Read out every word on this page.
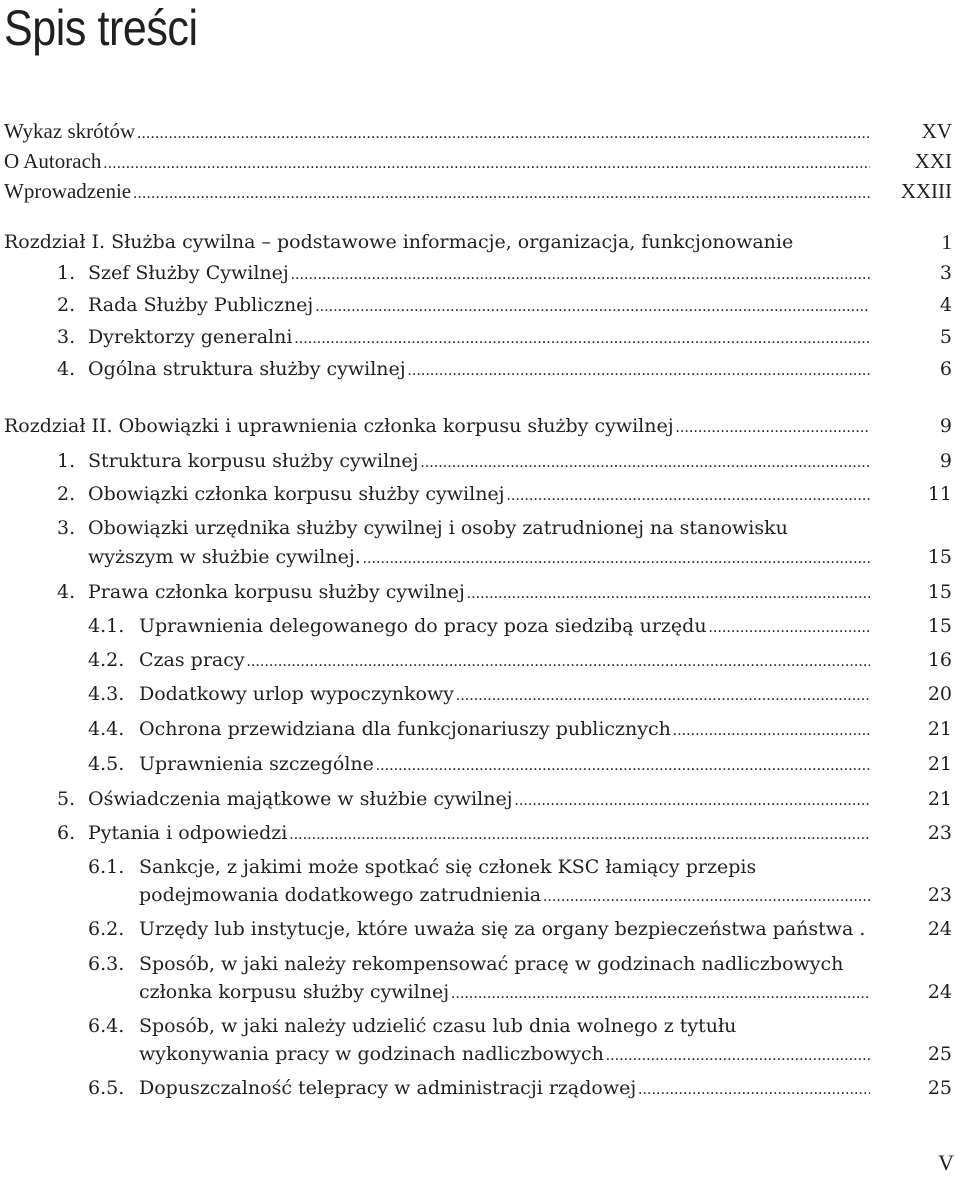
Spis treści
Wykaz skrótów .....	XV
O Autorach .....	XXI
Wprowadzenie .....	XXIII
Rozdział I. Służba cywilna – podstawowe informacje, organizacja, funkcjonowanie	1
1. Szef Służby Cywilnej .....	3
2. Rada Służby Publicznej .....	4
3. Dyrektorzy generalni .....	5
4. Ogólna struktura służby cywilnej .....	6
Rozdział II. Obowiązki i uprawnienia członka korpusu służby cywilnej .....	9
1. Struktura korpusu służby cywilnej .....	9
2. Obowiązki członka korpusu służby cywilnej .....	11
3. Obowiązki urzędnika służby cywilnej i osoby zatrudnionej na stanowisku
wyższym w służbie cywilnej. .....	15
4. Prawa członka korpusu służby cywilnej .....	15
4.1. Uprawnienia delegowanego do pracy poza siedzibą urzędu .....	15
4.2. Czas pracy .....	16
4.3. Dodatkowy urlop wypoczynkowy .....	20
4.4. Ochrona przewidziana dla funkcjonariuszy publicznych .....	21
4.5. Uprawnienia szczególne .....	21
5. Oświadczenia majątkowe w służbie cywilnej .....	21
6. Pytania i odpowiedzi .....	23
6.1. Sankcje, z jakimi może spotkać się członek KSC łamiący przepis
podejmowania dodatkowego zatrudnienia .....	23
6.2. Urzędy lub instytucje, które uważa się za organy bezpieczeństwa państwa .	24
6.3. Sposób, w jaki należy rekompensować pracę w godzinach nadliczbowych
członka korpusu służby cywilnej .....	24
6.4. Sposób, w jaki należy udzielić czasu lub dnia wolnego z tytułu
wykonywania pracy w godzinach nadliczbowych .....	25
6.5. Dopuszczalność telepracy w administracji rządowej .....	25
V
